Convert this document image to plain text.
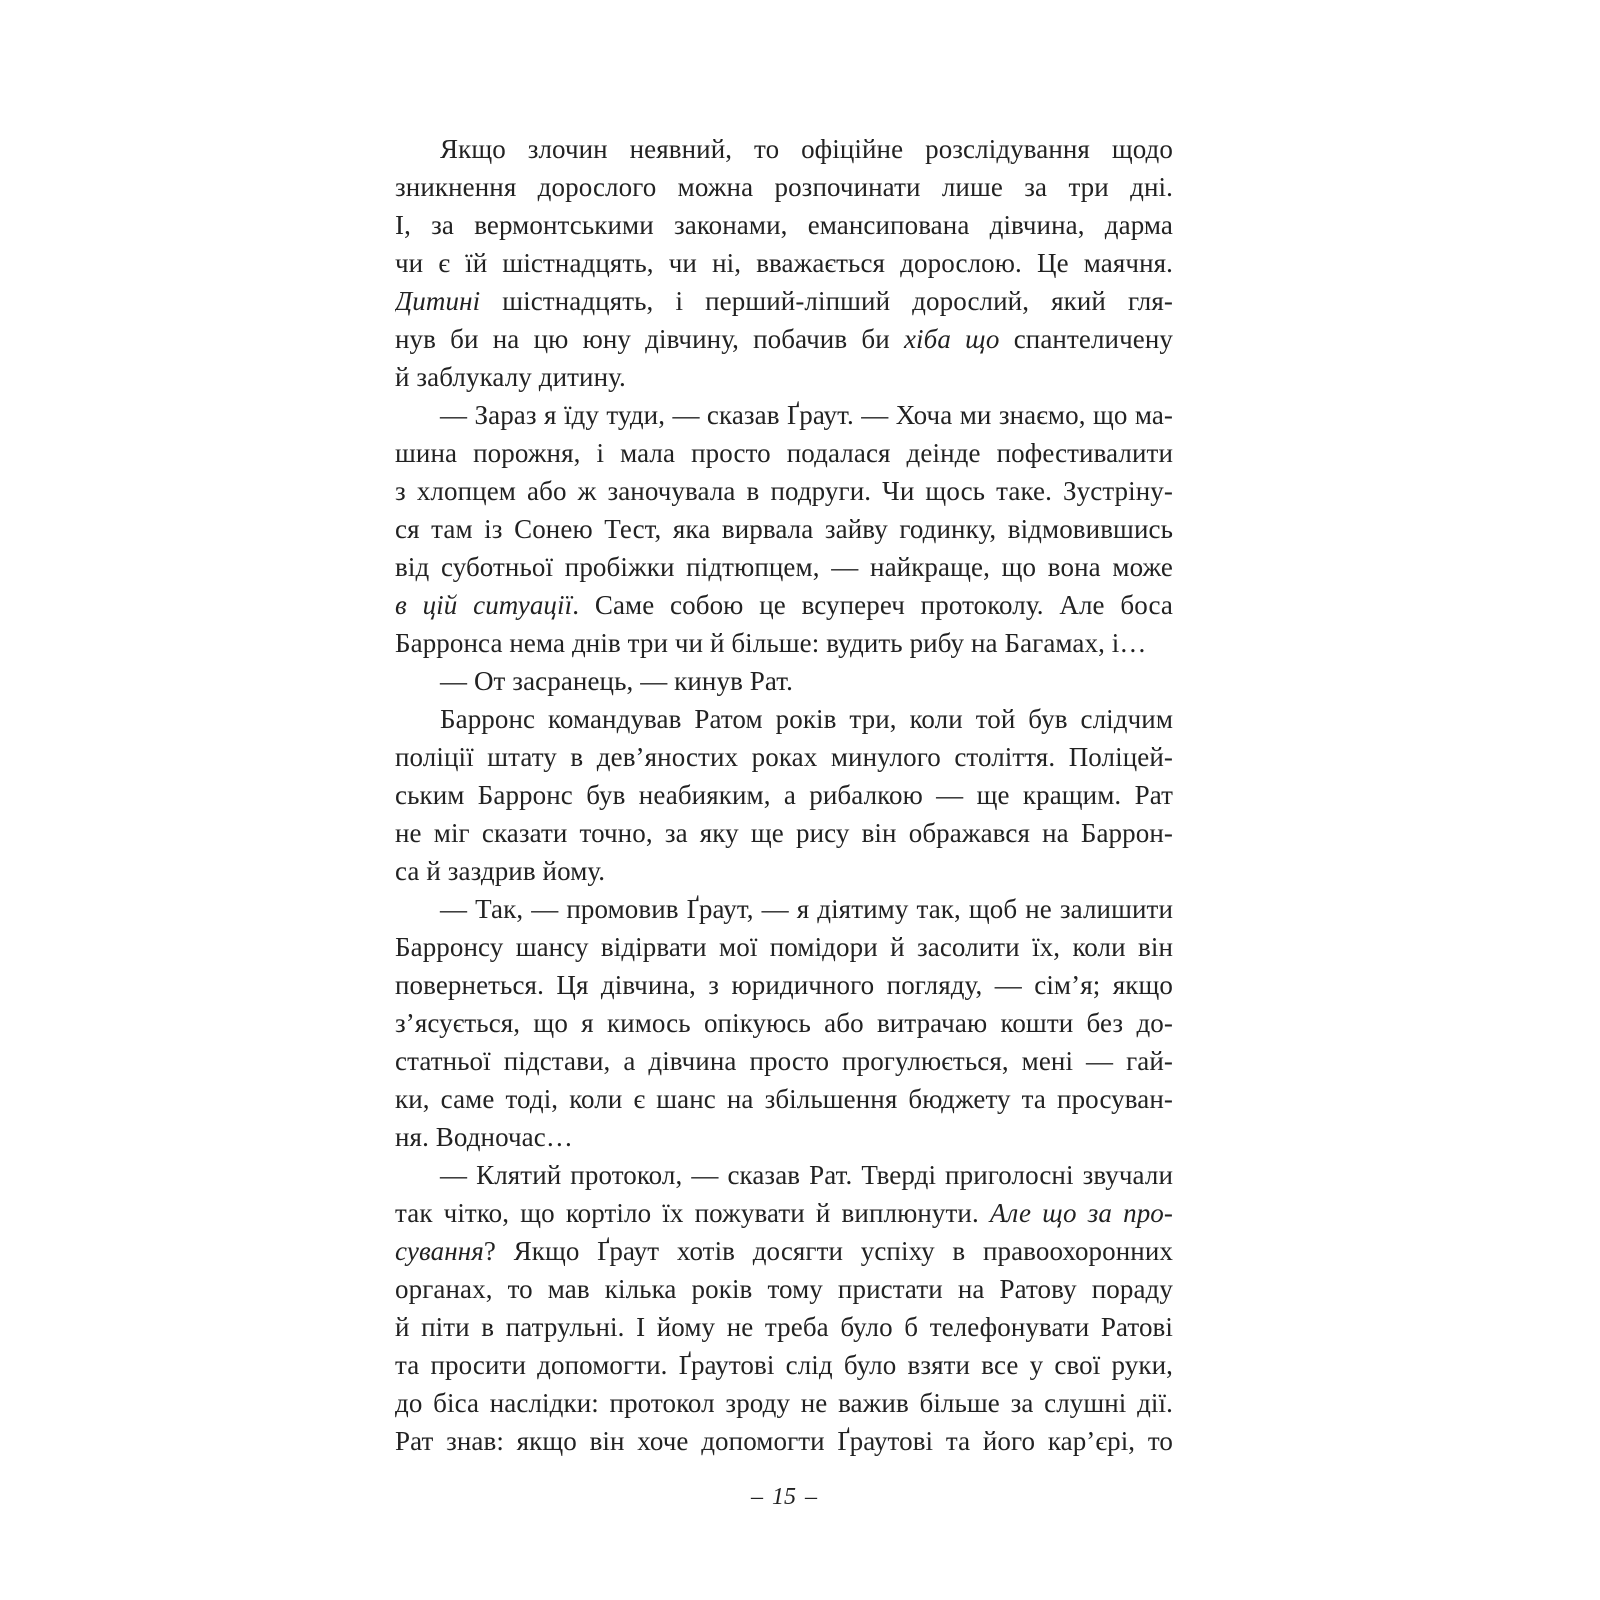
Якщо злочин неявний, то офіційне розслідування щодо
зникнення дорослого можна розпочинати лише за три дні.
І, за вермонтськими законами, емансипована дівчина, дарма
чи є їй шістнадцять, чи ні, вважається дорослою. Це маячня.
Дитині шістнадцять, і перший-ліпший дорослий, який гля-
нув би на цю юну дівчину, побачив би хіба що спантеличену
й заблукалу дитину.
— Зараз я їду туди, — сказав Ґраут. — Хоча ми знаємо, що ма-
шина порожня, і мала просто подалася деінде пофестивалити
з хлопцем або ж заночувала в подруги. Чи щось таке. Зустріну-
ся там із Сонею Тест, яка вирвала зайву годинку, відмовившись
від суботньої пробіжки підтюпцем, — найкраще, що вона може
в цій ситуації. Саме собою це всупереч протоколу. Але боса
Барронса нема днів три чи й більше: вудить рибу на Багамах, і…
— От засранець, — кинув Рат.
Барронс командував Ратом років три, коли той був слідчим
поліції штату в дев’яностих роках минулого століття. Поліцей-
ським Барронс був неабияким, а рибалкою — ще кращим. Рат
не міг сказати точно, за яку ще рису він ображався на Баррон-
са й заздрив йому.
— Так, — промовив Ґраут, — я діятиму так, щоб не залишити
Барронсу шансу відірвати мої помідори й засолити їх, коли він
повернеться. Ця дівчина, з юридичного погляду, — сім’я; якщо
з’ясується, що я кимось опікуюсь або витрачаю кошти без до-
статньої підстави, а дівчина просто прогулюється, мені — гай-
ки, саме тоді, коли є шанс на збільшення бюджету та просуван-
ня. Водночас…
— Клятий протокол, — сказав Рат. Тверді приголосні звучали
так чітко, що кортіло їх пожувати й виплюнути. Але що за про-
сування? Якщо Ґраут хотів досягти успіху в правоохоронних
органах, то мав кілька років тому пристати на Ратову пораду
й піти в патрульні. І йому не треба було б телефонувати Ратові
та просити допомогти. Ґраутові слід було взяти все у свої руки,
до біса наслідки: протокол зроду не важив більше за слушні дії.
Рат знав: якщо він хоче допомогти Ґраутові та його кар’єрі, то
– 15 –
